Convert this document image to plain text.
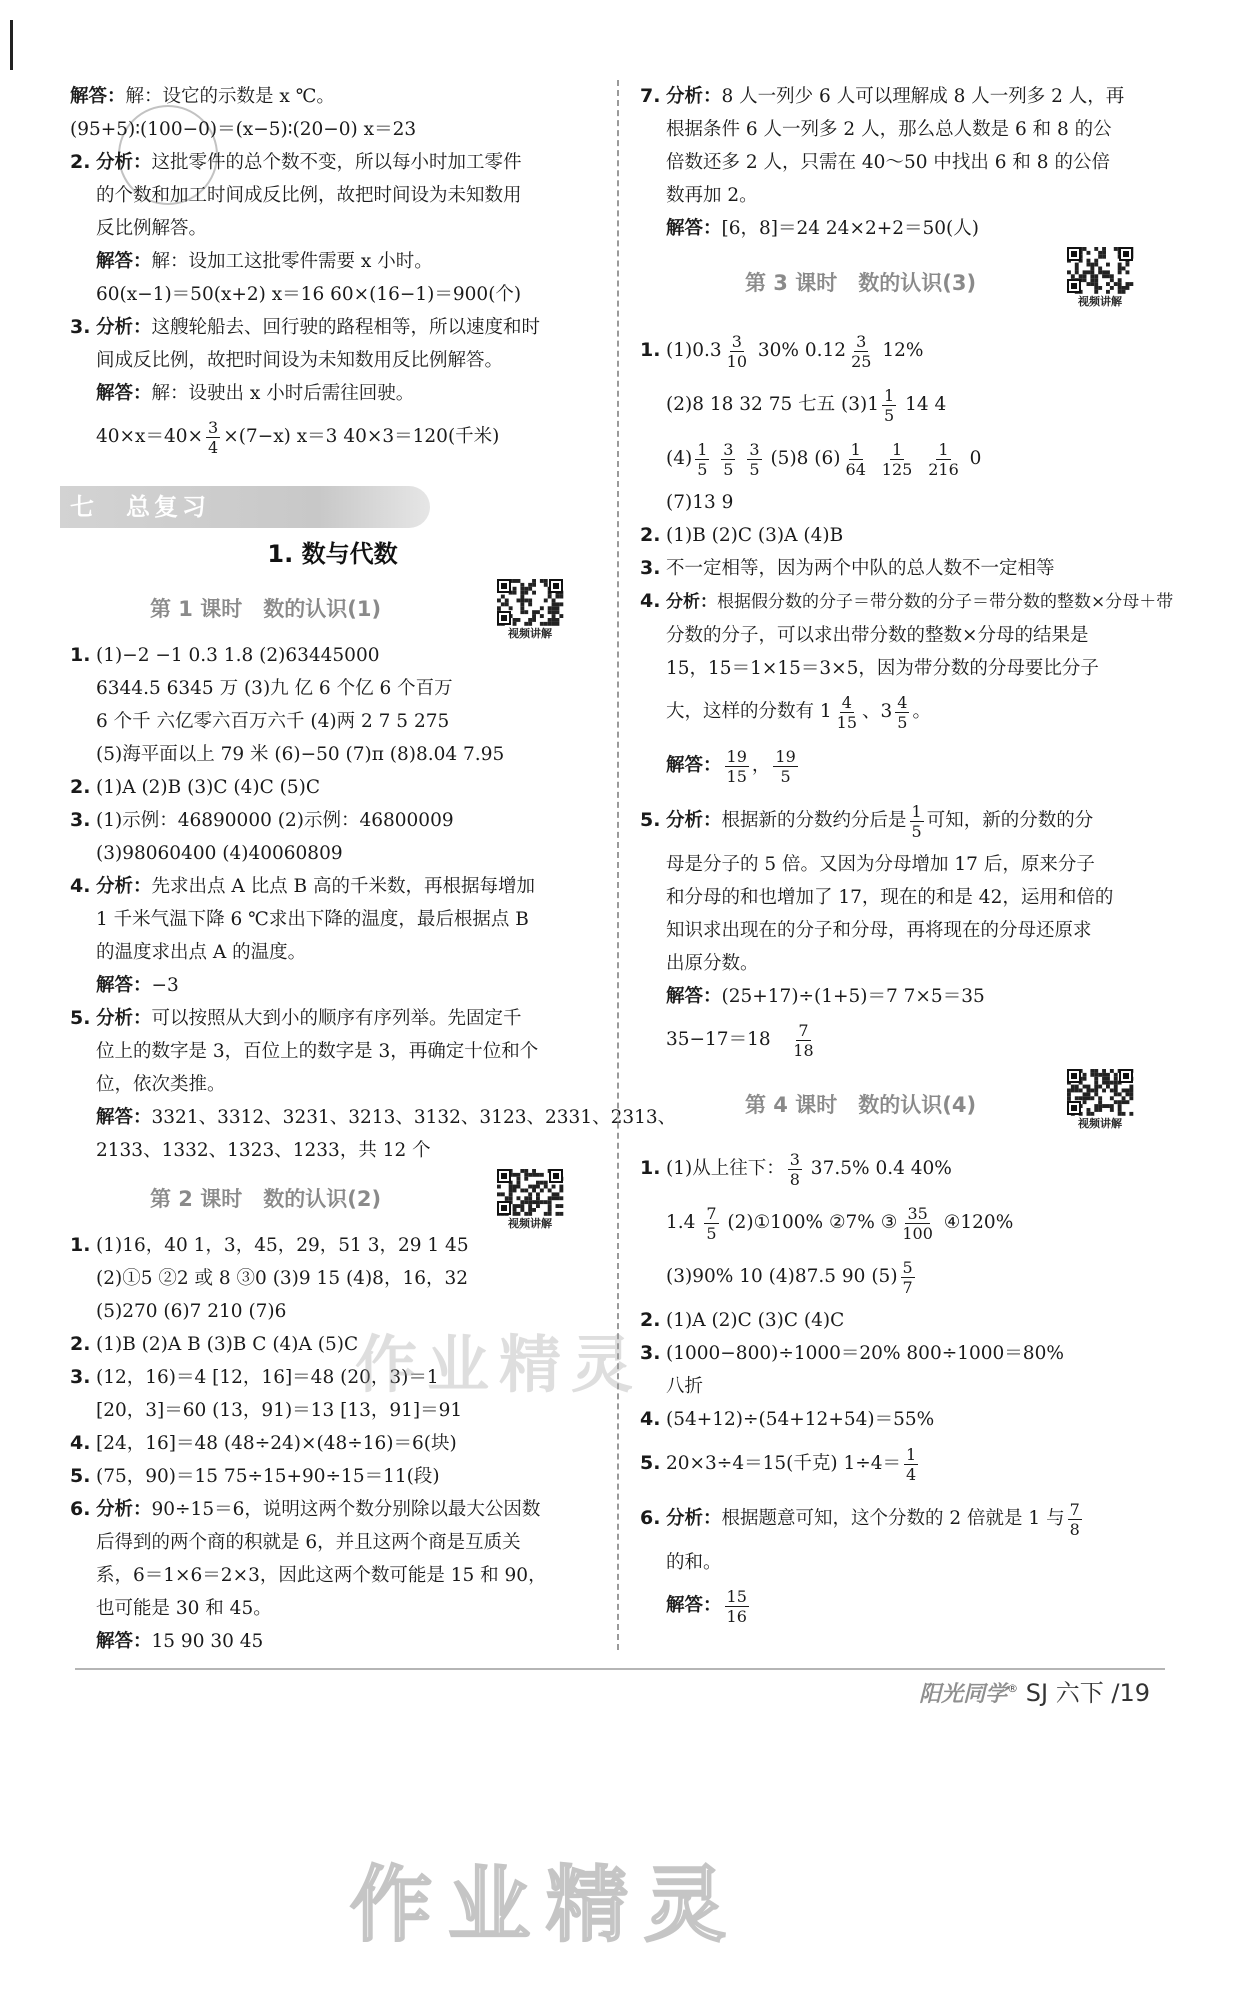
解答：解：设它的示数是 x ℃。
(95+5)∶(100−0)＝(x−5)∶(20−0) x＝23
2. 分析：这批零件的总个数不变，所以每小时加工零件
的个数和加工时间成反比例，故把时间设为未知数用
反比例解答。
解答：解：设加工这批零件需要 x 小时。
60(x−1)＝50(x+2) x＝16 60×(16−1)＝900(个)
3. 分析：这艘轮船去、回行驶的路程相等，所以速度和时
间成反比例，故把时间设为未知数用反比例解答。
解答：解：设驶出 x 小时后需往回驶。
$40\times x=40\times \frac{3}{4} \times(7-x)$ x＝3 40×3＝120(千米)
七　总复习
1. 数与代数
第 1 课时　数的认识(1)
视频讲解
1. (1)−2 −1 0.3 1.8 (2)63445000
6344.5 6345 万 (3)九 亿 6 个亿 6 个百万
6 个千 六亿零六百万六千 (4)两 2 7 5 275
(5)海平面以上 79 米 (6)−50 (7)π (8)8.04 7.95
2. (1)A (2)B (3)C (4)C (5)C
3. (1)示例：46890000 (2)示例：46800009
(3)98060400 (4)40060809
4. 分析：先求出点 A 比点 B 高的千米数，再根据每增加
1 千米气温下降 6 ℃求出下降的温度，最后根据点 B
的温度求出点 A 的温度。
解答：−3
5. 分析：可以按照从大到小的顺序有序列举。先固定千
位上的数字是 3，百位上的数字是 3，再确定十位和个
位，依次类推。
解答：3321、3312、3231、3213、3132、3123、2331、2313、
2133、1332、1323、1233，共 12 个
第 2 课时　数的认识(2)
视频讲解
1. (1)16，40 1，3，45，29，51 3，29 1 45
(2)①5 ②2 或 8 ③0 (3)9 15 (4)8，16，32
(5)270 (6)7 210 (7)6
2. (1)B (2)A B (3)B C (4)A (5)C
3. (12，16)＝4 [12，16]＝48 (20，3)＝1
[20，3]＝60 (13，91)＝13 [13，91]＝91
4. [24，16]＝48 (48÷24)×(48÷16)＝6(块)
5. (75，90)＝15 75÷15+90÷15＝11(段)
6. 分析：90÷15＝6，说明这两个数分别除以最大公因数
后得到的两个商的积就是 6，并且这两个商是互质关
系，6＝1×6＝2×3，因此这两个数可能是 15 和 90，
也可能是 30 和 45。
解答：15 90 30 45
7. 分析：8 人一列少 6 人可以理解成 8 人一列多 2 人，再
根据条件 6 人一列多 2 人，那么总人数是 6 和 8 的公
倍数还多 2 人，只需在 40～50 中找出 6 和 8 的公倍
数再加 2。
解答：[6，8]＝24 24×2+2＝50(人)
第 3 课时　数的认识(3)
视频讲解
1. $(1)0.3 \frac{3}{10} 30\%$ $0.12 \frac{3}{25} 12\%$
(2)8 18 32 75 七五 $(3)1 \frac{1}{5} 14$ 4
$(4) \frac{1}{5}$
$\frac{3}{5}$
$\frac{3}{5} (5)8$ $(6) \frac{1}{64}$
$\frac{1}{125}$
$\frac{1}{216} 0$
(7)13 9
2. (1)B (2)C (3)A (4)B
3. 不一定相等，因为两个中队的总人数不一定相等
4. 分析：根据假分数的分子＝带分数的分子＝带分数的整数×分母＋带
分数的分子，可以求出带分数的整数×分母的结果是
15，15＝1×15＝3×5，因为带分数的分母要比分子
大，这样的分数有 $1 \frac{4}{15}$ 、$3 \frac{4}{5}$ 。
解答： $\frac{19}{15}$ ， $\frac{19}{5}$
5. 分析：根据新的分数约分后是 $\frac{1}{5}$ 可知，新的分数的分
母是分子的 5 倍。又因为分母增加 17 后，原来分子
和分母的和也增加了 17，现在的和是 42，运用和倍的
知识求出现在的分子和分母，再将现在的分母还原求
出原分数。
解答：(25+17)÷(1+5)＝7 7×5＝35
$35-17=18 \frac{7}{18}$
第 4 课时　数的认识(4)
视频讲解
1. (1)从上往下： $\frac{3}{8} 37.5\%$ 0.4 40%
$1.4 \frac{7}{5}$ (2)①100% ②7% ③ $\frac{35}{100}$ ④120%
(3)90% 10 (4)87.5 90 $(5) \frac{5}{7}$
2. (1)A (2)C (3)C (4)C
3. (1000−800)÷1000＝20% 800÷1000＝80%
八折
4. (54+12)÷(54+12+54)＝55%
5. 20×3÷4＝15(千克) $1\div 4= \frac{1}{4}$
6. 分析：根据题意可知，这个分数的 2 倍就是 1 与 $\frac{7}{8}$
的和。
解答： $\frac{15}{16}$
阳光同学® SJ 六下 /19
作业精灵
作业精灵
